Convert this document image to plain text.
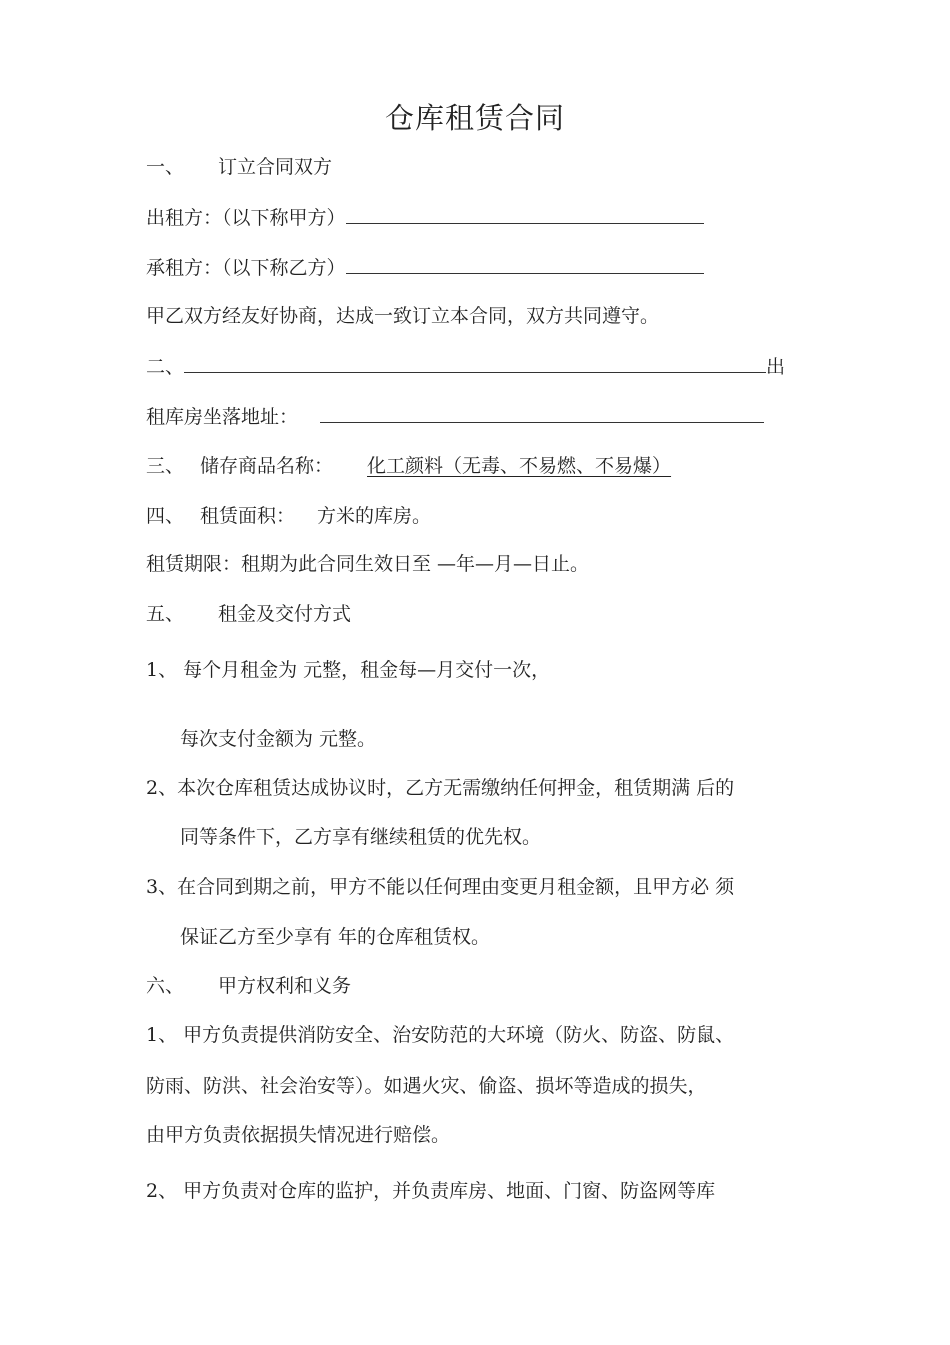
仓库租赁合同
一、 订立合同双方
出租方：（以下称甲方）
承租方：（以下称乙方）
甲乙双方经友好协商，达成一致订立本合同，双方共同遵守。
二、	出
租库房坐落地址：
三、 储存商品名称： 化工颜料（无毒、不易燃、不易爆）
四、 租赁面积： 方米的库房。
租赁期限：租期为此合同生效日至 —年—月—日止。
五、 租金及交付方式
1、 每个月租金为 元整，租金每—月交付一次，
每次支付金额为 元整。
2、本次仓库租赁达成协议时，乙方无需缴纳任何押金，租赁期满 后的
同等条件下，乙方享有继续租赁的优先权。
3、在合同到期之前，甲方不能以任何理由变更月租金额，且甲方必 须
保证乙方至少享有 年的仓库租赁权。
六、 甲方权利和义务
1、 甲方负责提供消防安全、治安防范的大环境（防火、防盗、防鼠、
防雨、防洪、社会治安等）。如遇火灾、偷盗、损坏等造成的损失，
由甲方负责依据损失情况进行赔偿。
2、 甲方负责对仓库的监护，并负责库房、地面、门窗、防盗网等库
